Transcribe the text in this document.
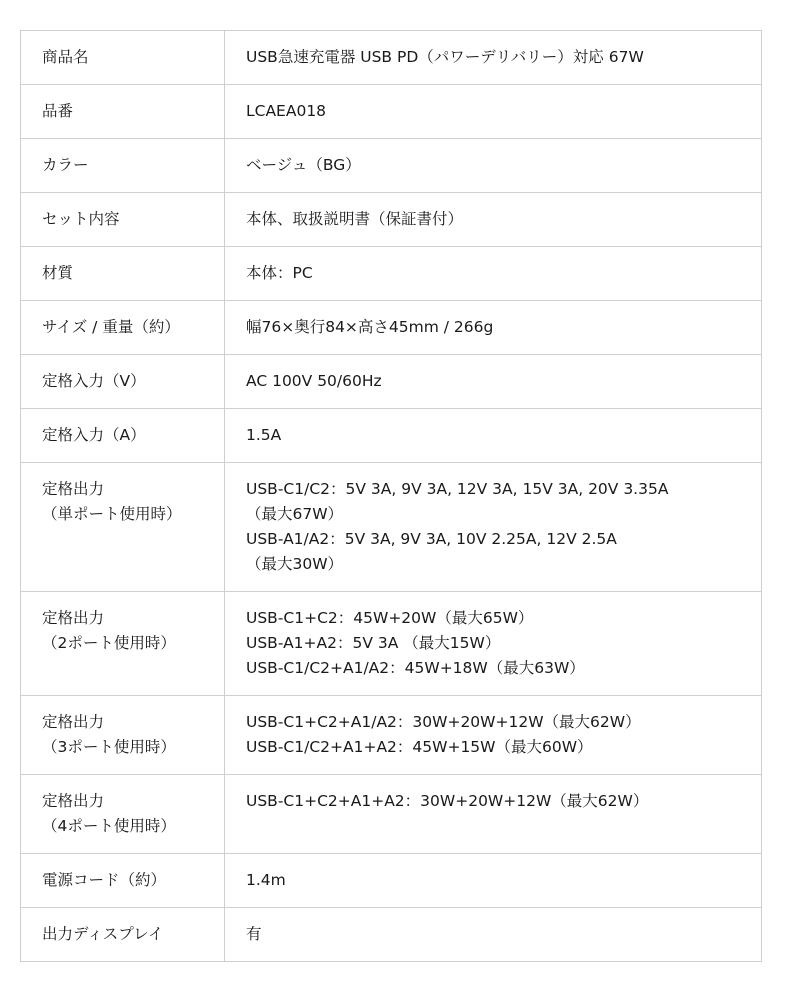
商品名	USB急速充電器 USB PD（パワーデリバリー）対応 67W

品番	LCAEA018

カラー	ベージュ（BG）

セット内容	本体、取扱説明書（保証書付）

材質	本体：PC

サイズ / 重量（約）	幅76×奥行84×高さ45mm / 266g

定格入力（V）	AC 100V 50/60Hz

定格入力（A）	1.5A

定格出力
（単ポート使用時）	USB-C1/C2：5V 3A, 9V 3A, 12V 3A, 15V 3A, 20V 3.35A
（最大67W）
USB-A1/A2：5V 3A, 9V 3A, 10V 2.25A, 12V 2.5A
（最大30W）

定格出力
（2ポート使用時）	USB-C1+C2：45W+20W（最大65W）
USB-A1+A2：5V 3A （最大15W）
USB-C1/C2+A1/A2：45W+18W（最大63W）

定格出力
（3ポート使用時）	USB-C1+C2+A1/A2：30W+20W+12W（最大62W）
USB-C1/C2+A1+A2：45W+15W（最大60W）

定格出力
（4ポート使用時）	USB-C1+C2+A1+A2：30W+20W+12W（最大62W）

電源コード（約）	1.4m

出力ディスプレイ	有
